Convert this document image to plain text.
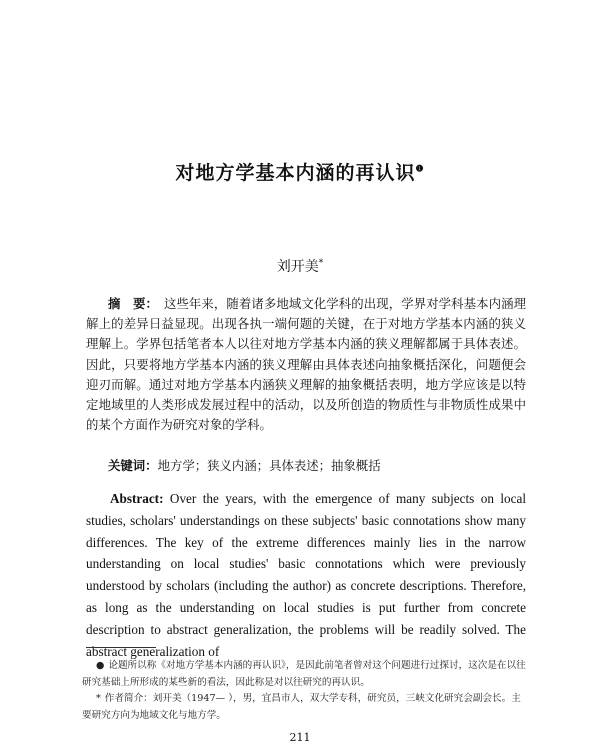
对地方学基本内涵的再认识$^❶$
刘开美*
摘　要： 这些年来，随着诸多地域文化学科的出现，学界对学科基本内涵理解上的差异日益显现。出现各执一端何题的关键，在于对地方学基本内涵的狭义理解上。学界包括笔者本人以往对地方学基本内涵的狭义理解都属于具体表述。因此，只要将地方学基本内涵的狭义理解由具体表述向抽象概括深化，问题便会迎刃而解。通过对地方学基本内涵狭义理解的抽象概括表明，地方学应该是以特定地域里的人类形成发展过程中的活动，以及所创造的物质性与非物质性成果中的某个方面作为研究对象的学科。
关键词：地方学；狭义内涵；具体表述；抽象概括
Abstract: Over the years, with the emergence of many subjects on local studies, scholars' understandings on these subjects' basic connotations show many differences. The key of the extreme differences mainly lies in the narrow understanding on local studies' basic connotations which were previously understood by scholars (including the author) as concrete descriptions. Therefore, as long as the understanding on local studies is put further from concrete description to abstract generalization, the problems will be readily solved. The abstract generalization of

● 论题所以称《对地方学基本内涵的再认识》，是因此前笔者曾对这个问题进行过探讨，这次是在以往研究基础上所形成的某些新的看法，因此称是对以往研究的再认识。

* 作者简介：刘开美（1947— ），男，宜昌市人，双大学专科，研究员，三峡文化研究会副会长。主要研究方向为地域文化与地方学。

211
